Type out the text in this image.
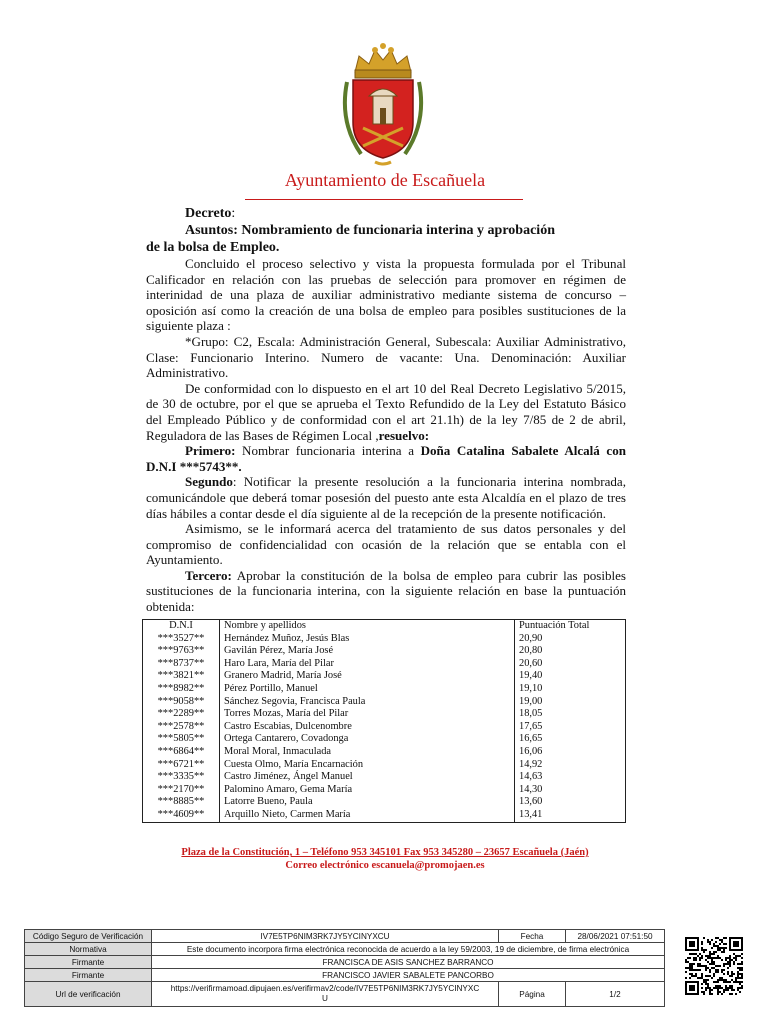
Ayuntamiento de Escañuela

Decreto:

Asuntos: Nombramiento de funcionaria interina y aprobación

de la bolsa de Empleo.

Concluido el proceso selectivo y vista la propuesta formulada por el Tribunal Calificador en relación con las pruebas de selección para promover en régimen de interinidad de una plaza de auxiliar administrativo mediante sistema de concurso – oposición así como la creación de una bolsa de empleo para posibles sustituciones de la siguiente plaza :

*Grupo: C2, Escala: Administración General, Subescala: Auxiliar Administrativo, Clase: Funcionario Interino. Numero de vacante: Una. Denominación: Auxiliar Administrativo.

De conformidad con lo dispuesto en el art 10 del Real Decreto Legislativo 5/2015, de 30 de octubre, por el que se aprueba el Texto Refundido de la Ley del Estatuto Básico del Empleado Público y de conformidad con el art 21.1h) de la ley 7/85 de 2 de abril, Reguladora de las Bases de Régimen Local ,resuelvo:

Primero: Nombrar funcionaria interina a Doña Catalina Sabalete Alcalá con D.N.I ***5743**.

Segundo: Notificar la presente resolución a la funcionaria interina nombrada, comunicándole que deberá tomar posesión del puesto ante esta Alcaldía en el plazo de tres días hábiles a contar desde el día siguiente al de la recepción de la presente notificación.

Asimismo, se le informará acerca del tratamiento de sus datos personales y del compromiso de confidencialidad con ocasión de la relación que se entabla con el Ayuntamiento.

Tercero: Aprobar la constitución de la bolsa de empleo para cubrir las posibles sustituciones de la funcionaria interina, con la siguiente relación en base la puntuación obtenida:

D.N.I	Nombre y apellidos	Puntuación Total
***3527**	Hernández Muñoz, Jesús Blas	20,90
***9763**	Gavilán Pérez, María José	20,80
***8737**	Haro Lara, María del Pilar	20,60
***3821**	Granero Madrid, María José	19,40
***8982**	Pérez Portillo, Manuel	19,10
***9058**	Sánchez Segovia, Francisca Paula	19,00
***2289**	Torres Mozas, María del Pilar	18,05
***2578**	Castro Escabias, Dulcenombre	17,65
***5805**	Ortega Cantarero, Covadonga	16,65
***6864**	Moral Moral, Inmaculada	16,06
***6721**	Cuesta Olmo, María Encarnación	14,92
***3335**	Castro Jiménez, Ángel Manuel	14,63
***2170**	Palomino Amaro, Gema María	14,30
***8885**	Latorre Bueno, Paula	13,60
***4609**	Arquillo Nieto, Carmen María	13,41
Plaza de la Constitución, 1 – Teléfono 953 345101 Fax 953 345280 – 23657 Escañuela (Jaén)
Correo electrónico escanuela@promojaen.es
Código Seguro de Verificación	IV7E5TP6NIM3RK7JY5YCINYXCU	Fecha	28/06/2021 07:51:50
Normativa	Este documento incorpora firma electrónica reconocida de acuerdo a la ley 59/2003, 19 de diciembre, de firma electrónica		
Firmante	FRANCISCA DE ASIS SANCHEZ BARRANCO		
Firmante	FRANCISCO JAVIER SABALETE PANCORBO		
Url de verificación	https://verifirmamoad.dipujaen.es/verifirmav2/code/IV7E5TP6NIM3RK7JY5YCINYXC
U	Página	1/2
